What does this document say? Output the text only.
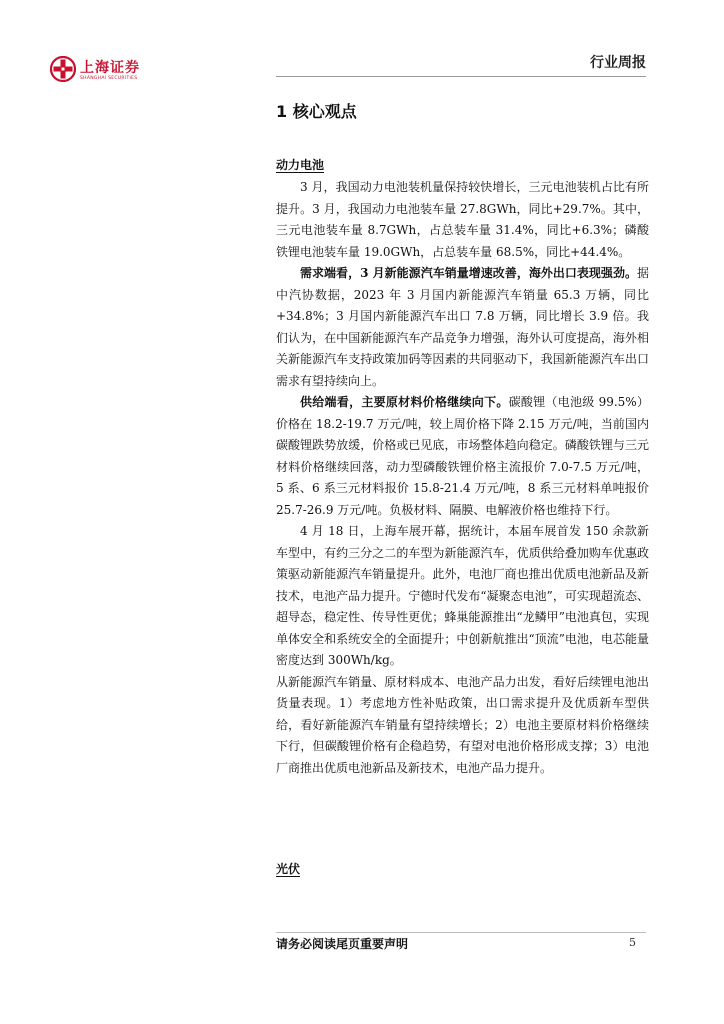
上海证券
SHANGHAI SECURITIES
行业周报
1 核心观点
动力电池

3 月，我国动力电池装机量保持较快增长，三元电池装机占比有所提升。3 月，我国动力电池装车量 27.8GWh，同比+29.7%。其中，三元电池装车量 8.7GWh，占总装车量 31.4%，同比+6.3%；磷酸铁锂电池装车量 19.0GWh，占总装车量 68.5%，同比+44.4%。

需求端看，3 月新能源汽车销量增速改善，海外出口表现强劲。据中汽协数据，2023 年 3 月国内新能源汽车销量 65.3 万辆，同比+34.8%；3 月国内新能源汽车出口 7.8 万辆，同比增长 3.9 倍。我们认为，在中国新能源汽车产品竞争力增强，海外认可度提高，海外相关新能源汽车支持政策加码等因素的共同驱动下，我国新能源汽车出口需求有望持续向上。

供给端看，主要原材料价格继续向下。碳酸锂（电池级 99.5%）价格在 18.2-19.7 万元/吨，较上周价格下降 2.15 万元/吨，当前国内碳酸锂跌势放缓，价格或已见底，市场整体趋向稳定。磷酸铁锂与三元材料价格继续回落，动力型磷酸铁锂价格主流报价 7.0-7.5 万元/吨，5 系、6 系三元材料报价 15.8-21.4 万元/吨，8 系三元材料单吨报价 25.7-26.9 万元/吨。负极材料、隔膜、电解液价格也维持下行。

4 月 18 日，上海车展开幕，据统计，本届车展首发 150 余款新车型中，有约三分之二的车型为新能源汽车，优质供给叠加购车优惠政策驱动新能源汽车销量提升。此外，电池厂商也推出优质电池新品及新技术，电池产品力提升。宁德时代发布“凝聚态电池”，可实现超流态、超导态，稳定性、传导性更优；蜂巢能源推出“龙鳞甲”电池真包，实现单体安全和系统安全的全面提升；中创新航推出“顶流”电池，电芯能量密度达到 300Wh/kg。

从新能源汽车销量、原材料成本、电池产品力出发，看好后续锂电池出货量表现。1）考虑地方性补贴政策，出口需求提升及优质新车型供给，看好新能源汽车销量有望持续增长；2）电池主要原材料价格继续下行，但碳酸锂价格有企稳趋势，有望对电池价格形成支撑；3）电池厂商推出优质电池新品及新技术，电池产品力提升。

光伏
请务必阅读尾页重要声明	5
